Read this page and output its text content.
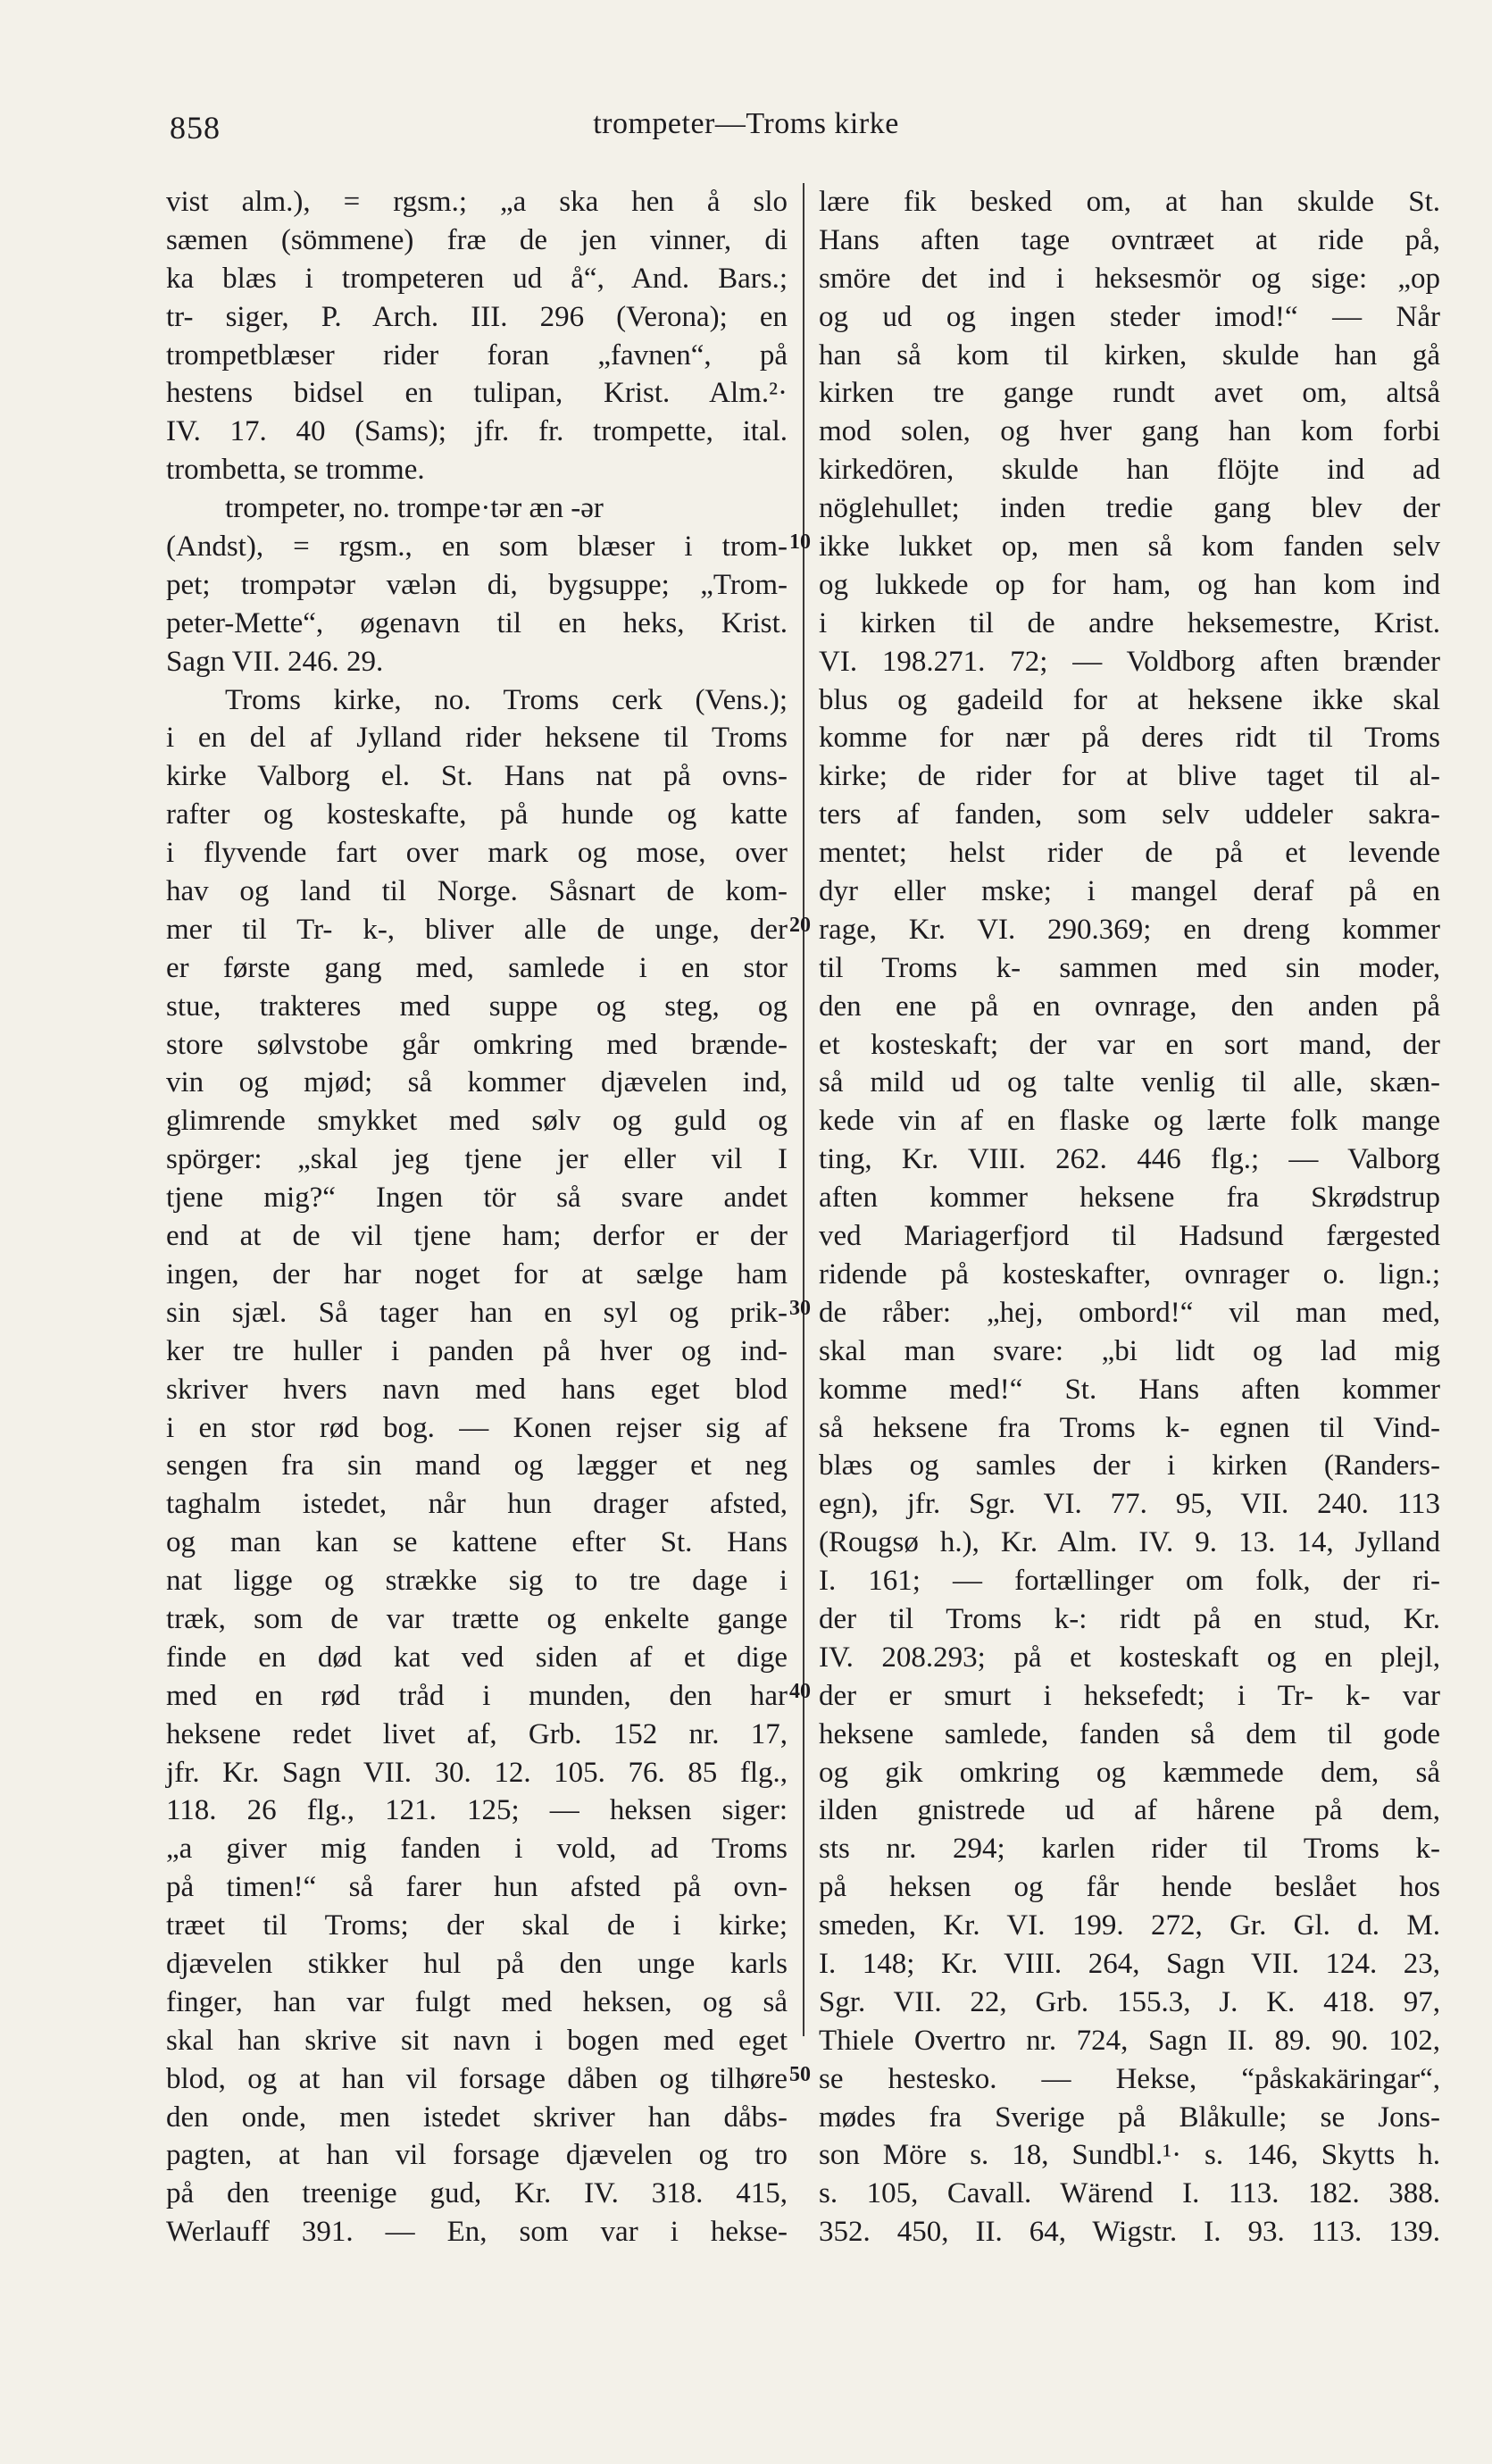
858	trompeter—Troms kirke
vist alm.), = rgsm.; „a ska hen å slo
sæmen (sömmene) fræ de jen vinner, di
ka blæs i trompeteren ud å“, And. Bars.;
tr- siger, P. Arch. III. 296 (Verona); en
trompetblæser rider foran „favnen“, på
hestens bidsel en tulipan, Krist. Alm.²·
IV. 17. 40 (Sams); jfr. fr. trompette, ital.
trombetta, se tromme.
trompeter, no. trompe·tər æn -ər
(Andst), = rgsm., en som blæser i trom-
pet; trompətər vælən di, bygsuppe; „Trom-
peter-Mette“, øgenavn til en heks, Krist.
Sagn VII. 246. 29.
Troms kirke, no. Troms cerk (Vens.);
i en del af Jylland rider heksene til Troms
kirke Valborg el. St. Hans nat på ovns-
rafter og kosteskafte, på hunde og katte
i flyvende fart over mark og mose, over
hav og land til Norge. Såsnart de kom-
mer til Tr- k-, bliver alle de unge, der
er første gang med, samlede i en stor
stue, trakteres med suppe og steg, og
store sølvstobe går omkring med brænde-
vin og mjød; så kommer djævelen ind,
glimrende smykket med sølv og guld og
spörger: „skal jeg tjene jer eller vil I
tjene mig?“ Ingen tör så svare andet
end at de vil tjene ham; derfor er der
ingen, der har noget for at sælge ham
sin sjæl. Så tager han en syl og prik-
ker tre huller i panden på hver og ind-
skriver hvers navn med hans eget blod
i en stor rød bog. — Konen rejser sig af
sengen fra sin mand og lægger et neg
taghalm istedet, når hun drager afsted,
og man kan se kattene efter St. Hans
nat ligge og strække sig to tre dage i
træk, som de var trætte og enkelte gange
finde en død kat ved siden af et dige
med en rød tråd i munden, den har
heksene redet livet af, Grb. 152 nr. 17,
jfr. Kr. Sagn VII. 30. 12. 105. 76. 85 flg.,
118. 26 flg., 121. 125; — heksen siger:
„a giver mig fanden i vold, ad Troms
på timen!“ så farer hun afsted på ovn-
træet til Troms; der skal de i kirke;
djævelen stikker hul på den unge karls
finger, han var fulgt med heksen, og så
skal han skrive sit navn i bogen med eget
blod, og at han vil forsage dåben og tilhøre
den onde, men istedet skriver han dåbs-
pagten, at han vil forsage djævelen og tro
på den treenige gud, Kr. IV. 318. 415,
Werlauff 391. — En, som var i hekse-
10
20
30
40
50
lære fik besked om, at han skulde St.
Hans aften tage ovntræet at ride på,
smöre det ind i heksesmör og sige: „op
og ud og ingen steder imod!“ — Når
han så kom til kirken, skulde han gå
kirken tre gange rundt avet om, altså
mod solen, og hver gang han kom forbi
kirkedören, skulde han flöjte ind ad
nöglehullet; inden tredie gang blev der
ikke lukket op, men så kom fanden selv
og lukkede op for ham, og han kom ind
i kirken til de andre heksemestre, Krist.
VI. 198.271. 72; — Voldborg aften brænder
blus og gadeild for at heksene ikke skal
komme for nær på deres ridt til Troms
kirke; de rider for at blive taget til al-
ters af fanden, som selv uddeler sakra-
mentet; helst rider de på et levende
dyr eller mske; i mangel deraf på en
rage, Kr. VI. 290.369; en dreng kommer
til Troms k- sammen med sin moder,
den ene på en ovnrage, den anden på
et kosteskaft; der var en sort mand, der
så mild ud og talte venlig til alle, skæn-
kede vin af en flaske og lærte folk mange
ting, Kr. VIII. 262. 446 flg.; — Valborg
aften kommer heksene fra Skrødstrup
ved Mariagerfjord til Hadsund færgested
ridende på kosteskafter, ovnrager o. lign.;
de råber: „hej, ombord!“ vil man med,
skal man svare: „bi lidt og lad mig
komme med!“ St. Hans aften kommer
så heksene fra Troms k- egnen til Vind-
blæs og samles der i kirken (Randers-
egn), jfr. Sgr. VI. 77. 95, VII. 240. 113
(Rougsø h.), Kr. Alm. IV. 9. 13. 14, Jylland
I. 161; — fortællinger om folk, der ri-
der til Troms k-: ridt på en stud, Kr.
IV. 208.293; på et kosteskaft og en plejl,
der er smurt i heksefedt; i Tr- k- var
heksene samlede, fanden så dem til gode
og gik omkring og kæmmede dem, så
ilden gnistrede ud af hårene på dem,
sts nr. 294; karlen rider til Troms k-
på heksen og får hende beslået hos
smeden, Kr. VI. 199. 272, Gr. Gl. d. M.
I. 148; Kr. VIII. 264, Sagn VII. 124. 23,
Sgr. VII. 22, Grb. 155.3, J. K. 418. 97,
Thiele Overtro nr. 724, Sagn II. 89. 90. 102,
se hestesko. — Hekse, “påskakäringar“,
mødes fra Sverige på Blåkulle; se Jons-
son Möre s. 18, Sundbl.¹· s. 146, Skytts h.
s. 105, Cavall. Wärend I. 113. 182. 388.
352. 450, II. 64, Wigstr. I. 93. 113. 139.
